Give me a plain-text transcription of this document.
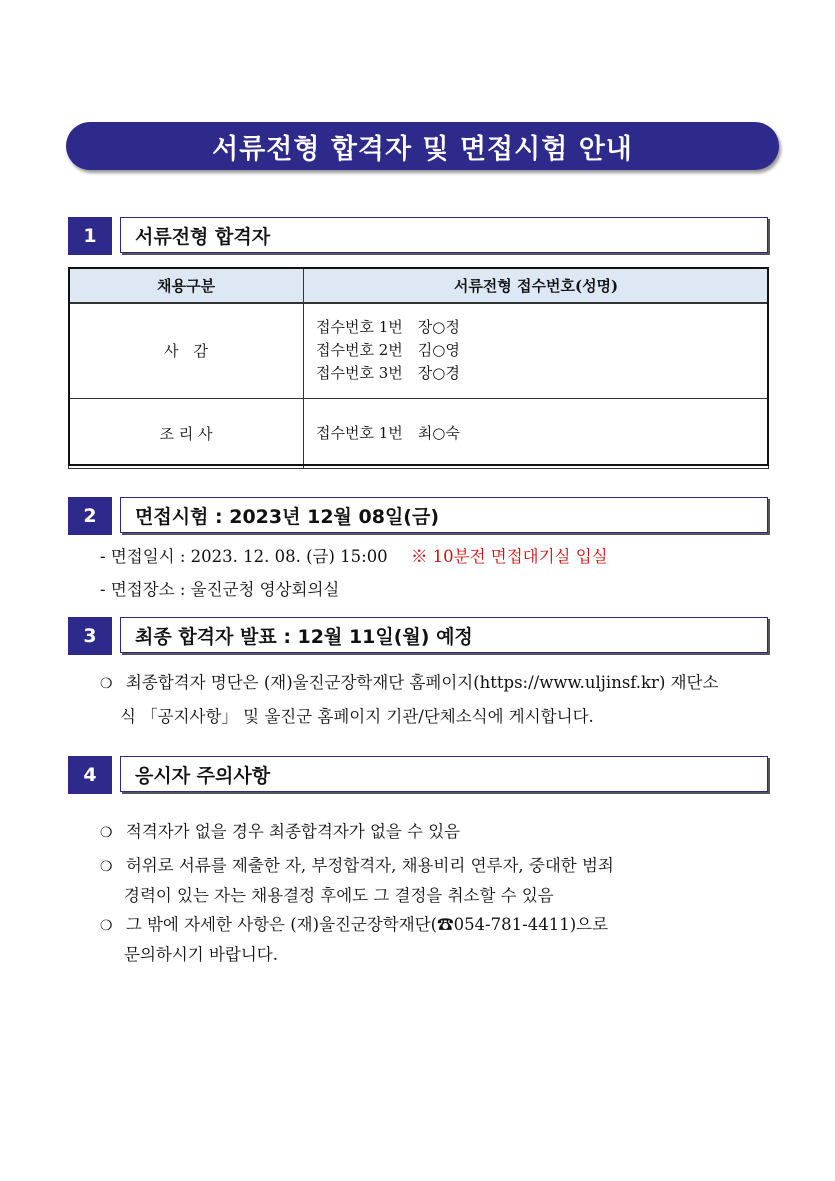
서류전형 합격자 및 면접시험 안내
1	서류전형 합격자
채용구분	서류전형 접수번호(성명)
사　감	접수번호 1번　장○정
접수번호 2번　김○영
접수번호 3번　장○경

조 리 사	접수번호 1번　최○숙
2	면접시험 : 2023년 12월 08일(금)
- 면접일시 : 2023. 12. 08. (금) 15:00 ※ 10분전 면접대기실 입실
- 면접장소 : 울진군청 영상회의실
3	최종 합격자 발표 : 12월 11일(월) 예정
❍ 최종합격자 명단은 (재)울진군장학재단 홈페이지(https://www.uljinsf.kr) 재단소
식 「공지사항」 및 울진군 홈페이지 기관/단체소식에 게시합니다.
4	응시자 주의사항
❍ 적격자가 없을 경우 최종합격자가 없을 수 있음
❍ 허위로 서류를 제출한 자, 부정합격자, 채용비리 연루자, 중대한 범죄
경력이 있는 자는 채용결정 후에도 그 결정을 취소할 수 있음
❍ 그 밖에 자세한 사항은 (재)울진군장학재단(☎054-781-4411)으로
문의하시기 바랍니다.
